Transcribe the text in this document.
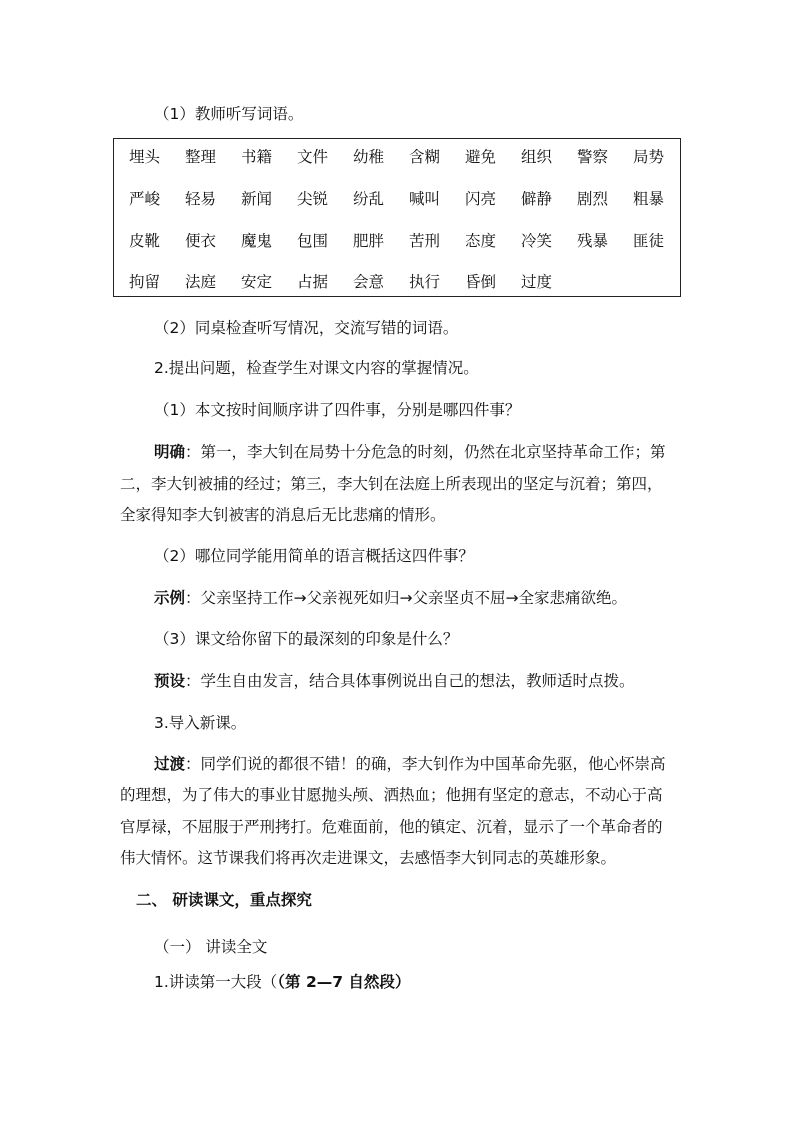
（1）教师听写词语。
埋头 整理 书籍 文件 幼稚 含糊 避免 组织 警察 局势
严峻 轻易 新闻 尖锐 纷乱 喊叫 闪亮 僻静 剧烈 粗暴
皮靴 便衣 魔鬼 包围 肥胖 苦刑 态度 冷笑 残暴 匪徒
拘留 法庭 安定 占据 会意 执行 昏倒 过度
（2）同桌检查听写情况，交流写错的词语。
2.提出问题，检查学生对课文内容的掌握情况。
（1）本文按时间顺序讲了四件事，分别是哪四件事？
明确：第一，李大钊在局势十分危急的时刻，仍然在北京坚持革命工作；第
二，李大钊被捕的经过；第三，李大钊在法庭上所表现出的坚定与沉着；第四，
全家得知李大钊被害的消息后无比悲痛的情形。
（2）哪位同学能用简单的语言概括这四件事？
示例：父亲坚持工作→父亲视死如归→父亲坚贞不屈→全家悲痛欲绝。
（3）课文给你留下的最深刻的印象是什么？
预设：学生自由发言，结合具体事例说出自己的想法，教师适时点拨。
3.导入新课。
过渡：同学们说的都很不错！的确，李大钊作为中国革命先驱，他心怀崇高
的理想，为了伟大的事业甘愿抛头颅、洒热血；他拥有坚定的意志，不动心于高
官厚禄，不屈服于严刑拷打。危难面前，他的镇定、沉着，显示了一个革命者的
伟大情怀。这节课我们将再次走进课文，去感悟李大钊同志的英雄形象。
二、 研读课文，重点探究
（一） 讲读全文
1.讲读第一大段（（第 2—7 自然段）
